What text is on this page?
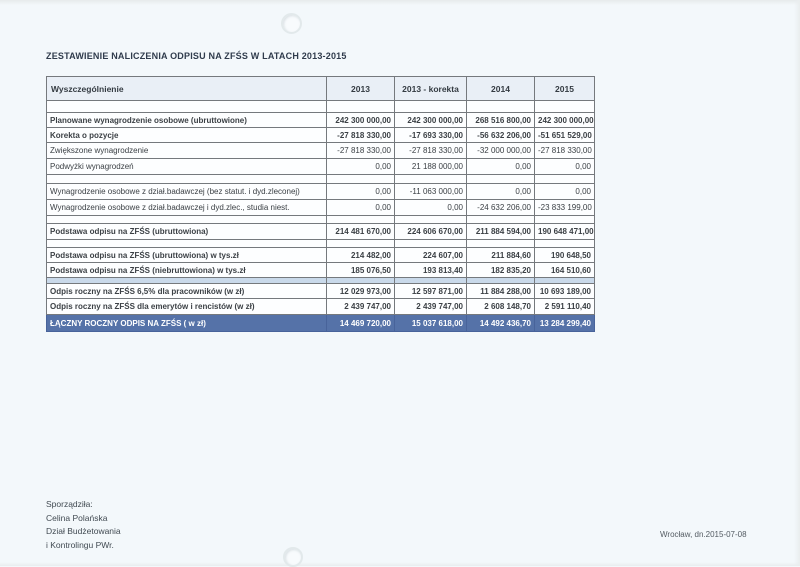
ZESTAWIENIE NALICZENIA ODPISU NA ZFŚS W LATACH 2013-2015
Wyszczególnienie	2013	2013 - korekta	2014	2015

Planowane wynagrodzenie osobowe (ubruttowione)	242 300 000,00	242 300 000,00	268 516 800,00	242 300 000,00
Korekta o pozycje	-27 818 330,00	-17 693 330,00	-56 632 206,00	-51 651 529,00
Zwiększone wynagrodzenie	-27 818 330,00	-27 818 330,00	-32 000 000,00	-27 818 330,00
Podwyżki wynagrodzeń	0,00	21 188 000,00	0,00	0,00

Wynagrodzenie osobowe z dział.badawczej (bez statut. i dyd.zleconej)	0,00	-11 063 000,00	0,00	0,00
Wynagrodzenie osobowe z dział.badawczej i dyd.zlec., studia niest.	0,00	0,00	-24 632 206,00	-23 833 199,00

Podstawa odpisu na ZFŚS (ubruttowiona)	214 481 670,00	224 606 670,00	211 884 594,00	190 648 471,00

Podstawa odpisu na ZFŚS (ubruttowiona) w tys.zł	214 482,00	224 607,00	211 884,60	190 648,50
Podstawa odpisu na ZFŚS (niebruttowiona) w tys.zł	185 076,50	193 813,40	182 835,20	164 510,60

Odpis roczny na ZFŚS 6,5% dla pracowników (w zł)	12 029 973,00	12 597 871,00	11 884 288,00	10 693 189,00
Odpis roczny na ZFŚS dla emerytów i rencistów (w zł)	2 439 747,00	2 439 747,00	2 608 148,70	2 591 110,40
ŁĄCZNY ROCZNY ODPIS NA ZFŚS ( w zł)	14 469 720,00	15 037 618,00	14 492 436,70	13 284 299,40
Sporządziła:
Celina Polańska
Dział Budżetowania
i Kontrolingu PWr.
Wrocław, dn.2015-07-08
